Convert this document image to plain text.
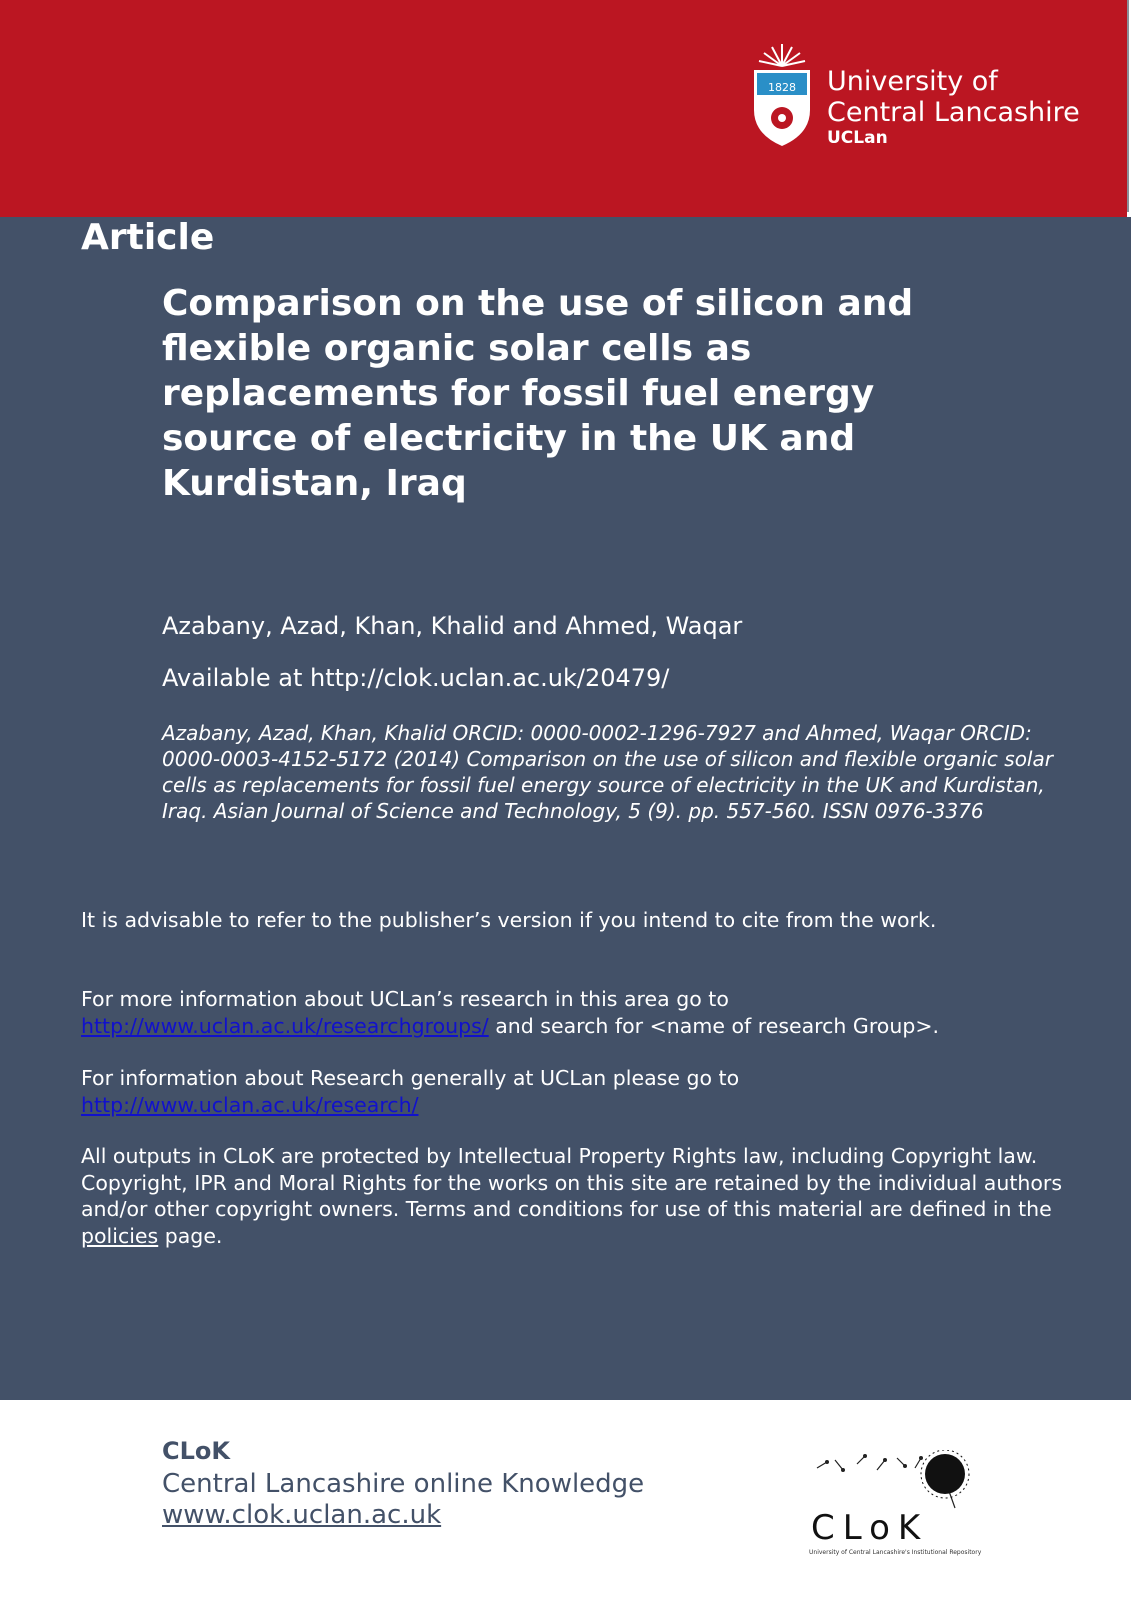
1828	University of
Central Lancashire
UCLan
Article
Comparison on the use of silicon and flexible organic solar cells as replacements for fossil fuel energy source of electricity in the UK and Kurdistan, Iraq
Azabany, Azad, Khan, Khalid and Ahmed, Waqar
Available at http://clok.uclan.ac.uk/20479/
Azabany, Azad, Khan, Khalid ORCID: 0000-0002-1296-7927 and Ahmed, Waqar ORCID: 0000-0003-4152-5172 (2014) Comparison on the use of silicon and flexible organic solar cells as replacements for fossil fuel energy source of electricity in the UK and Kurdistan, Iraq. Asian Journal of Science and Technology, 5 (9). pp. 557-560. ISSN 0976-3376
It is advisable to refer to the publisher’s version if you intend to cite from the work.
For more information about UCLan’s research in this area go to
http://www.uclan.ac.uk/researchgroups/ and search for <name of research Group>.
For information about Research generally at UCLan please go to
http://www.uclan.ac.uk/research/
All outputs in CLoK are protected by Intellectual Property Rights law, including Copyright law. Copyright, IPR and Moral Rights for the works on this site are retained by the individual authors and/or other copyright owners. Terms and conditions for use of this material are defined in the policies page.
CLoK
Central Lancashire online Knowledge
www.clok.uclan.ac.uk	CLoK
University of Central Lancashire's Institutional Repository
